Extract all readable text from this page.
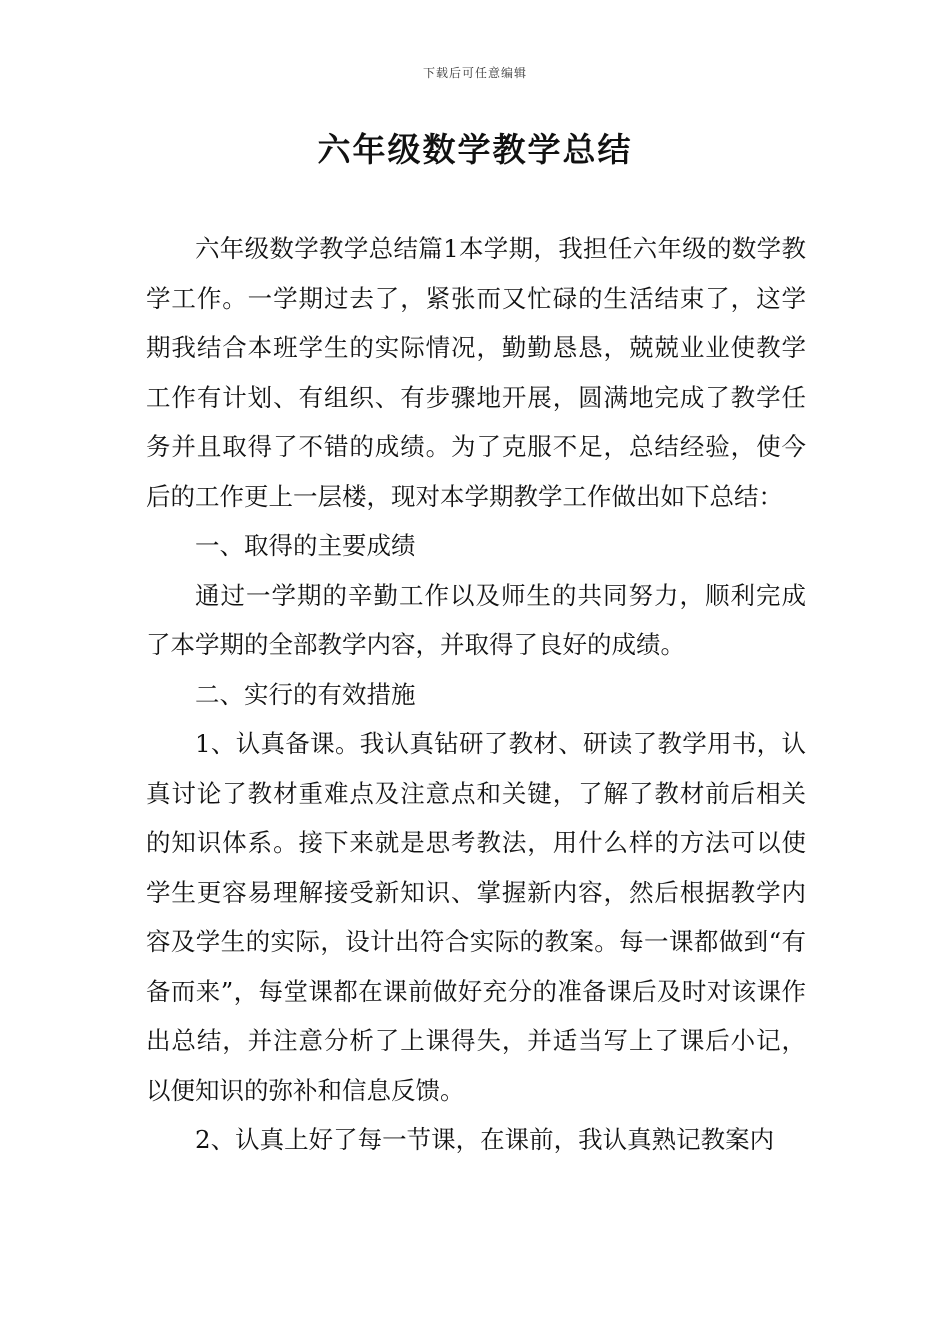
下载后可任意编辑
六年级数学教学总结

六年级数学教学总结篇1本学期，我担任六年级的数学教学工作。一学期过去了，紧张而又忙碌的生活结束了，这学期我结合本班学生的实际情况，勤勤恳恳，兢兢业业使教学工作有计划、有组织、有步骤地开展，圆满地完成了教学任务并且取得了不错的成绩。为了克服不足，总结经验，使今后的工作更上一层楼，现对本学期教学工作做出如下总结：

一、取得的主要成绩

通过一学期的辛勤工作以及师生的共同努力，顺利完成了本学期的全部教学内容，并取得了良好的成绩。

二、实行的有效措施

1、认真备课。我认真钻研了教材、研读了教学用书，认真讨论了教材重难点及注意点和关键，了解了教材前后相关的知识体系。接下来就是思考教法，用什么样的方法可以使学生更容易理解接受新知识、掌握新内容，然后根据教学内容及学生的实际，设计出符合实际的教案。每一课都做到“有备而来”，每堂课都在课前做好充分的准备课后及时对该课作出总结，并注意分析了上课得失，并适当写上了课后小记，以便知识的弥补和信息反馈。

2、认真上好了每一节课，在课前，我认真熟记教案内
